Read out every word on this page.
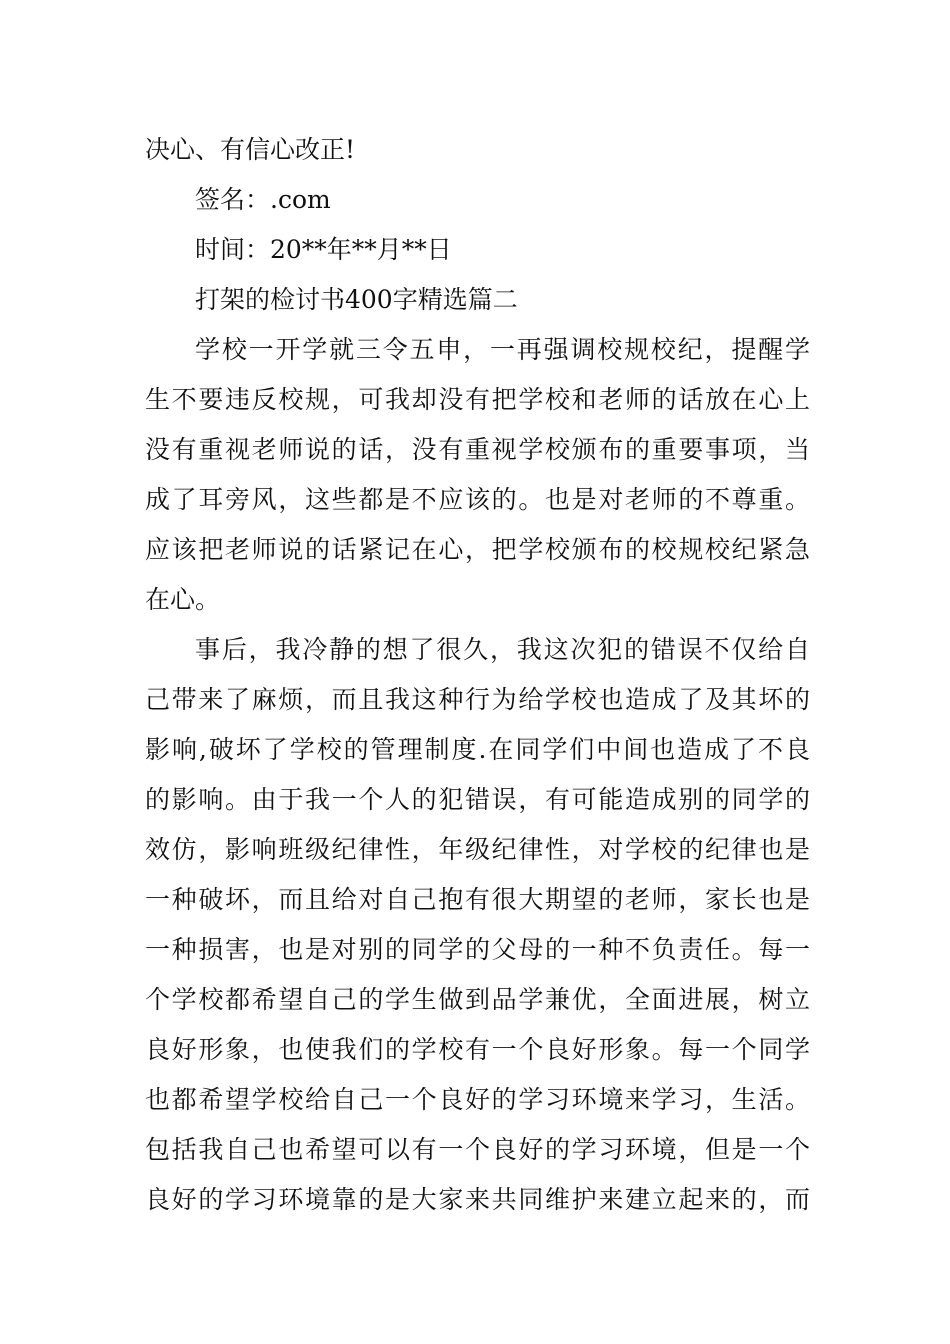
决心、有信心改正!
签名：.com
时间：20**年**月**日
打架的检讨书400字精选篇二
学校一开学就三令五申，一再强调校规校纪，提醒学
生不要违反校规，可我却没有把学校和老师的话放在心上
没有重视老师说的话，没有重视学校颁布的重要事项，当
成了耳旁风，这些都是不应该的。也是对老师的不尊重。
应该把老师说的话紧记在心，把学校颁布的校规校纪紧急
在心。
事后，我冷静的想了很久，我这次犯的错误不仅给自
己带来了麻烦，而且我这种行为给学校也造成了及其坏的
影响,破坏了学校的管理制度.在同学们中间也造成了不良
的影响。由于我一个人的犯错误，有可能造成别的同学的
效仿，影响班级纪律性，年级纪律性，对学校的纪律也是
一种破坏，而且给对自己抱有很大期望的老师，家长也是
一种损害，也是对别的同学的父母的一种不负责任。每一
个学校都希望自己的学生做到品学兼优，全面进展，树立
良好形象，也使我们的学校有一个良好形象。每一个同学
也都希望学校给自己一个良好的学习环境来学习，生活。
包括我自己也希望可以有一个良好的学习环境，但是一个
良好的学习环境靠的是大家来共同维护来建立起来的，而
